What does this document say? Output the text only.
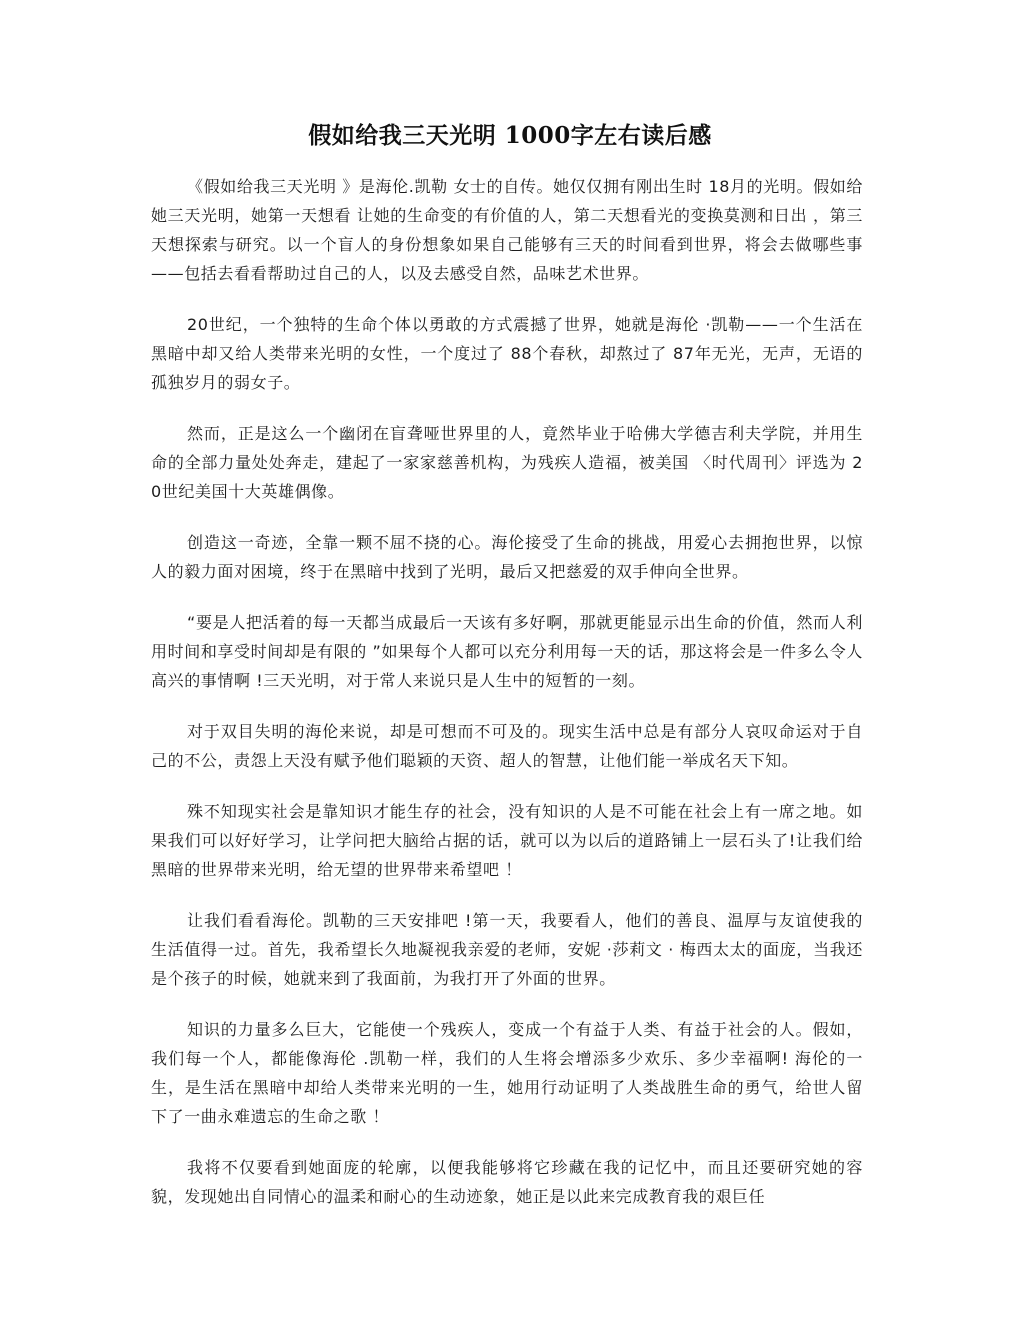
假如给我三天光明 1000字左右读后感

《假如给我三天光明 》是海伦.凯勒 女士的自传。她仅仅拥有刚出生时 18月的光明。假如给她三天光明，她第一天想看 让她的生命变的有价值的人，第二天想看光的变换莫测和日出 ，第三天想探索与研究。以一个盲人的身份想象如果自己能够有三天的时间看到世界，将会去做哪些事 ——包括去看看帮助过自己的人，以及去感受自然，品味艺术世界。

20世纪，一个独特的生命个体以勇敢的方式震撼了世界，她就是海伦 ·凯勒——一个生活在黑暗中却又给人类带来光明的女性，一个度过了 88个春秋，却熬过了 87年无光，无声，无语的孤独岁月的弱女子。

然而，正是这么一个幽闭在盲聋哑世界里的人，竟然毕业于哈佛大学德吉利夫学院，并用生命的全部力量处处奔走，建起了一家家慈善机构，为残疾人造福，被美国 〈时代周刊〉评选为 20世纪美国十大英雄偶像。

创造这一奇迹，全靠一颗不屈不挠的心。海伦接受了生命的挑战，用爱心去拥抱世界，以惊人的毅力面对困境，终于在黑暗中找到了光明，最后又把慈爱的双手伸向全世界。

“要是人把活着的每一天都当成最后一天该有多好啊，那就更能显示出生命的价值，然而人利用时间和享受时间却是有限的 ”如果每个人都可以充分利用每一天的话，那这将会是一件多么令人高兴的事情啊 !三天光明，对于常人来说只是人生中的短暂的一刻。

对于双目失明的海伦来说，却是可想而不可及的。现实生活中总是有部分人哀叹命运对于自己的不公，责怨上天没有赋予他们聪颖的天资、超人的智慧，让他们能一举成名天下知。

殊不知现实社会是靠知识才能生存的社会，没有知识的人是不可能在社会上有一席之地。如果我们可以好好学习，让学问把大脑给占据的话，就可以为以后的道路铺上一层石头了!让我们给黑暗的世界带来光明，给无望的世界带来希望吧 ！

让我们看看海伦。凯勒的三天安排吧 !第一天，我要看人，他们的善良、温厚与友谊使我的生活值得一过。首先，我希望长久地凝视我亲爱的老师，安妮 ·莎莉文 · 梅西太太的面庞，当我还是个孩子的时候，她就来到了我面前，为我打开了外面的世界。

知识的力量多么巨大，它能使一个残疾人，变成一个有益于人类、有益于社会的人。假如，我们每一个人，都能像海伦 .凯勒一样，我们的人生将会增添多少欢乐、多少幸福啊! 海伦的一生，是生活在黑暗中却给人类带来光明的一生，她用行动证明了人类战胜生命的勇气，给世人留下了一曲永难遗忘的生命之歌 ！

我将不仅要看到她面庞的轮廓，以便我能够将它珍藏在我的记忆中，而且还要研究她的容貌，发现她出自同情心的温柔和耐心的生动迹象，她正是以此来完成教育我的艰巨任
